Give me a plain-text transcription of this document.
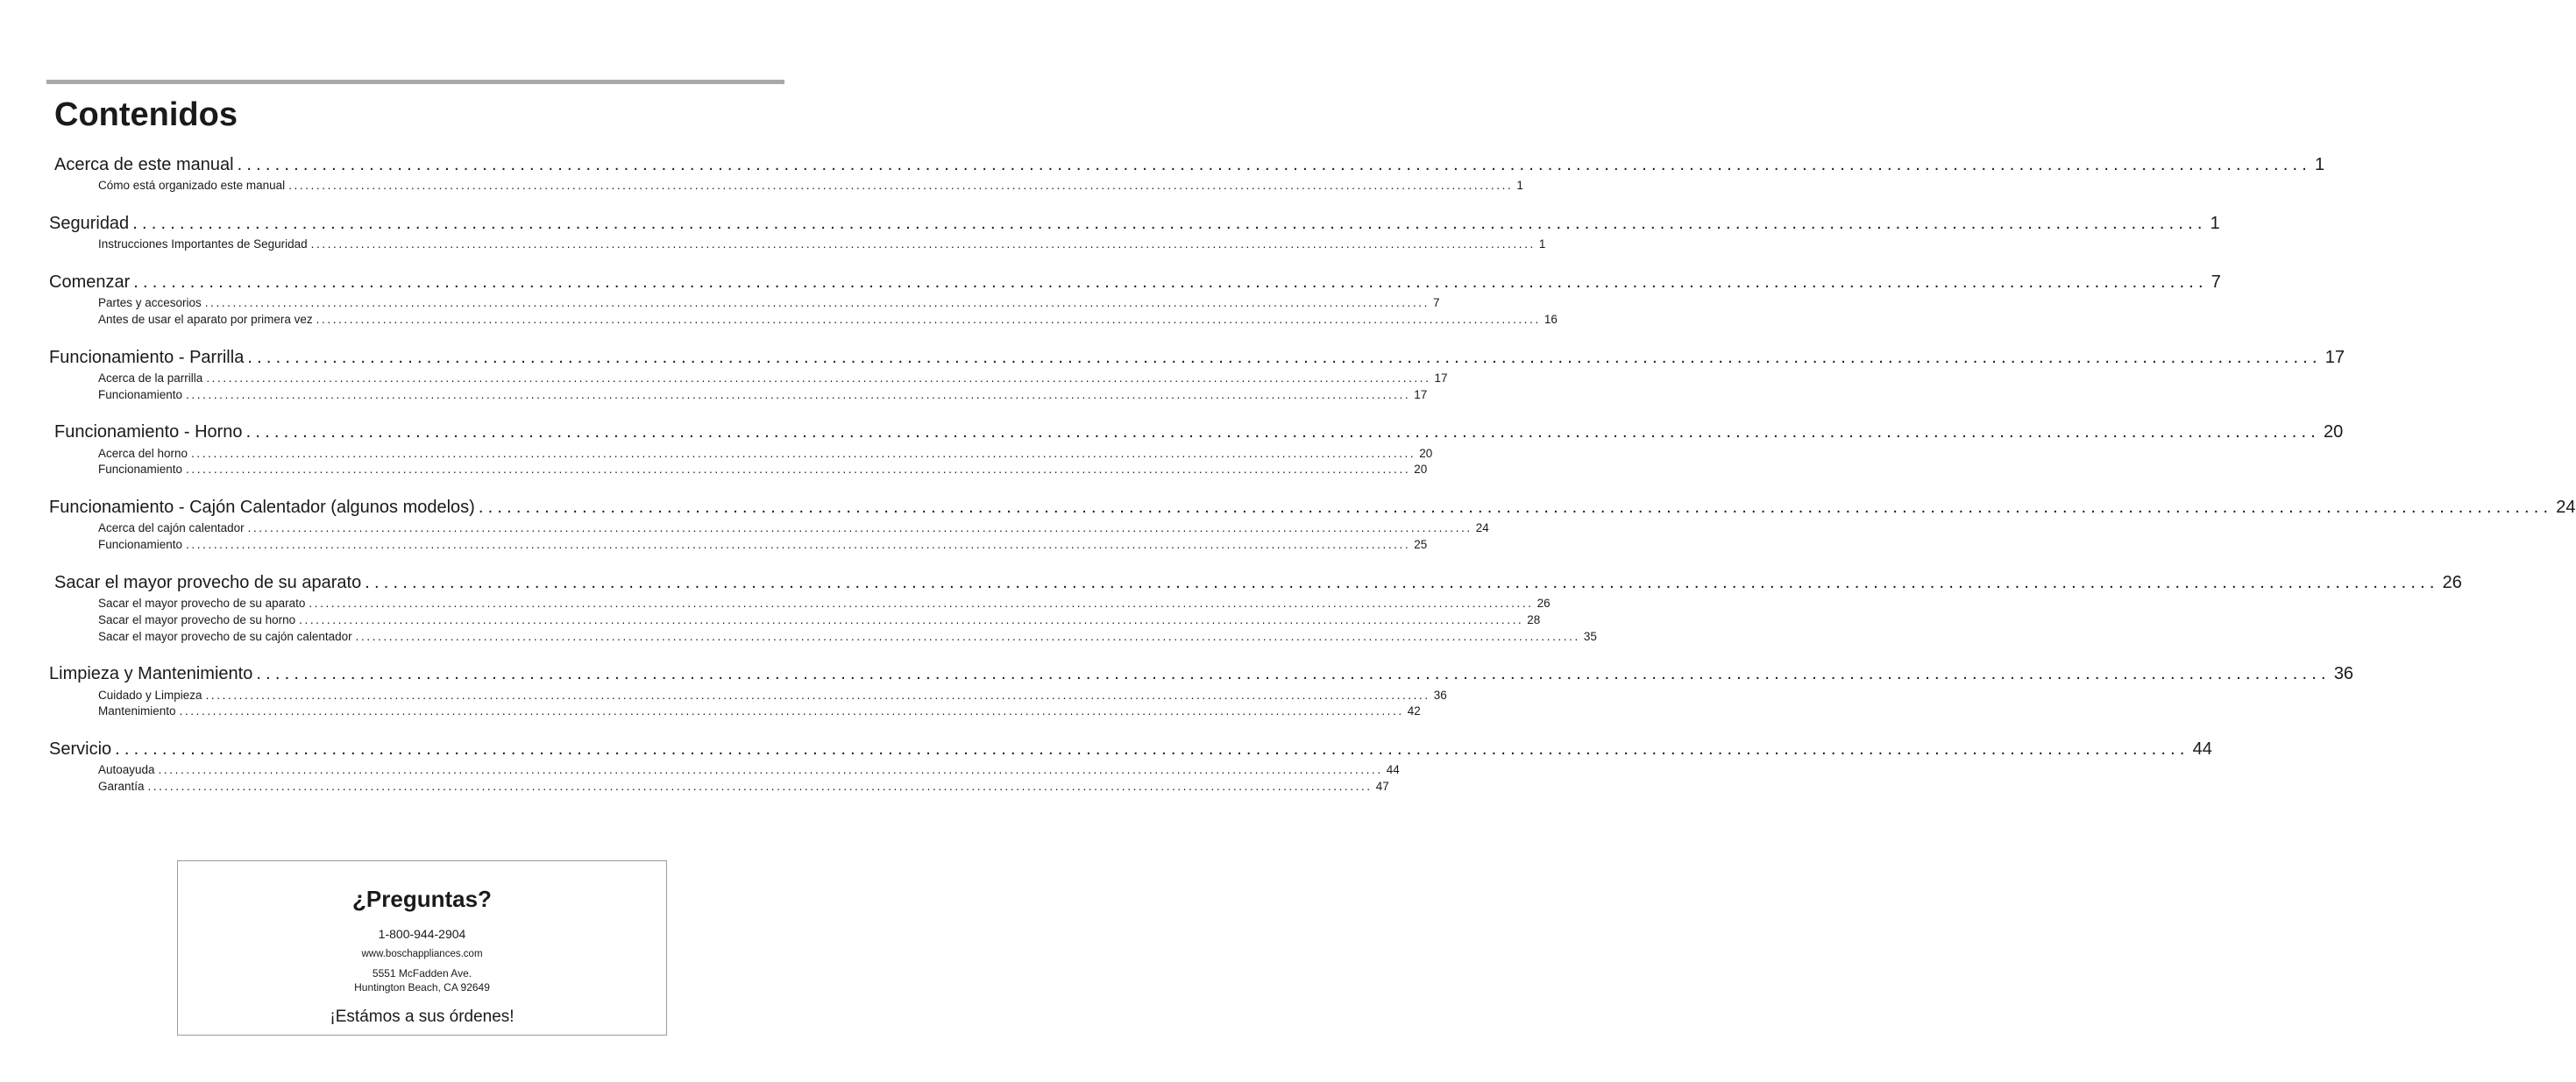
Contenidos
Acerca de este manual ............................................................................................................................................................................................................................ 1
Cómo está organizado este manual ............................................................................................................................................................................................................................ 1
Seguridad ............................................................................................................................................................................................................................ 1
Instrucciones Importantes de Seguridad ............................................................................................................................................................................................................................ 1
Comenzar ............................................................................................................................................................................................................................ 7
Partes y accesorios ............................................................................................................................................................................................................................ 7
Antes de usar el aparato por primera vez ............................................................................................................................................................................................................................ 16
Funcionamiento - Parrilla ............................................................................................................................................................................................................................ 17
Acerca de la parrilla ............................................................................................................................................................................................................................ 17
Funcionamiento ............................................................................................................................................................................................................................ 17
Funcionamiento - Horno ............................................................................................................................................................................................................................ 20
Acerca del horno ............................................................................................................................................................................................................................ 20
Funcionamiento ............................................................................................................................................................................................................................ 20
Funcionamiento - Cajón Calentador (algunos modelos) ............................................................................................................................................................................................................................ 24
Acerca del cajón calentador ............................................................................................................................................................................................................................ 24
Funcionamiento ............................................................................................................................................................................................................................ 25
Sacar el mayor provecho de su aparato ............................................................................................................................................................................................................................ 26
Sacar el mayor provecho de su aparato ............................................................................................................................................................................................................................ 26
Sacar el mayor provecho de su horno ............................................................................................................................................................................................................................ 28
Sacar el mayor provecho de su cajón calentador ............................................................................................................................................................................................................................ 35
Limpieza y Mantenimiento ............................................................................................................................................................................................................................ 36
Cuidado y Limpieza ............................................................................................................................................................................................................................ 36
Mantenimiento ............................................................................................................................................................................................................................ 42
Servicio ............................................................................................................................................................................................................................ 44
Autoayuda ............................................................................................................................................................................................................................ 44
Garantía ............................................................................................................................................................................................................................ 47
¿Preguntas?
1-800-944-2904
www.boschappliances.com
5551 McFadden Ave.
Huntington Beach, CA 92649
¡Estámos a sus órdenes!
